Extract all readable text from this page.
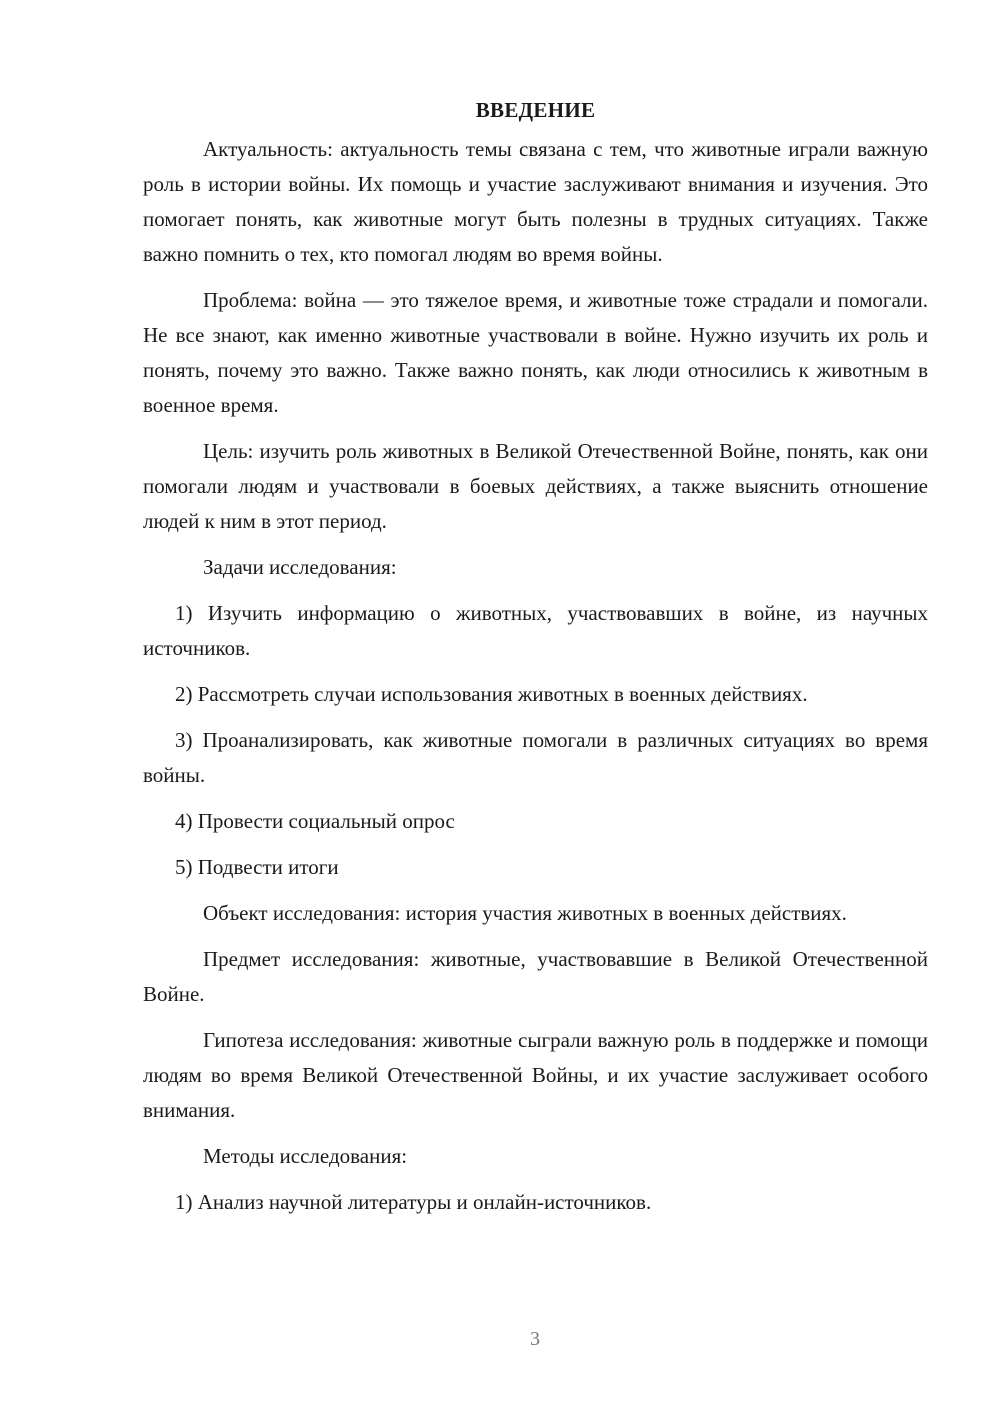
ВВЕДЕНИЕ

Актуальность: актуальность темы связана с тем, что животные играли важную роль в истории войны. Их помощь и участие заслуживают внимания и изучения. Это помогает понять, как животные могут быть полезны в трудных ситуациях. Также важно помнить о тех, кто помогал людям во время войны.

Проблема: война — это тяжелое время, и животные тоже страдали и помогали. Не все знают, как именно животные участвовали в войне. Нужно изучить их роль и понять, почему это важно. Также важно понять, как люди относились к животным в военное время.

Цель: изучить роль животных в Великой Отечественной Войне, понять, как они помогали людям и участвовали в боевых действиях, а также выяснить отношение людей к ним в этот период.

Задачи исследования:

1) Изучить информацию о животных, участвовавших в войне, из научных источников.

2) Рассмотреть случаи использования животных в военных действиях.

3) Проанализировать, как животные помогали в различных ситуациях во время войны.

4) Провести социальный опрос

5) Подвести итоги

Объект исследования: история участия животных в военных действиях.

Предмет исследования: животные, участвовавшие в Великой Отечественной Войне.

Гипотеза исследования: животные сыграли важную роль в поддержке и помощи людям во время Великой Отечественной Войны, и их участие заслуживает особого внимания.

Методы исследования:

1) Анализ научной литературы и онлайн-источников.

3
